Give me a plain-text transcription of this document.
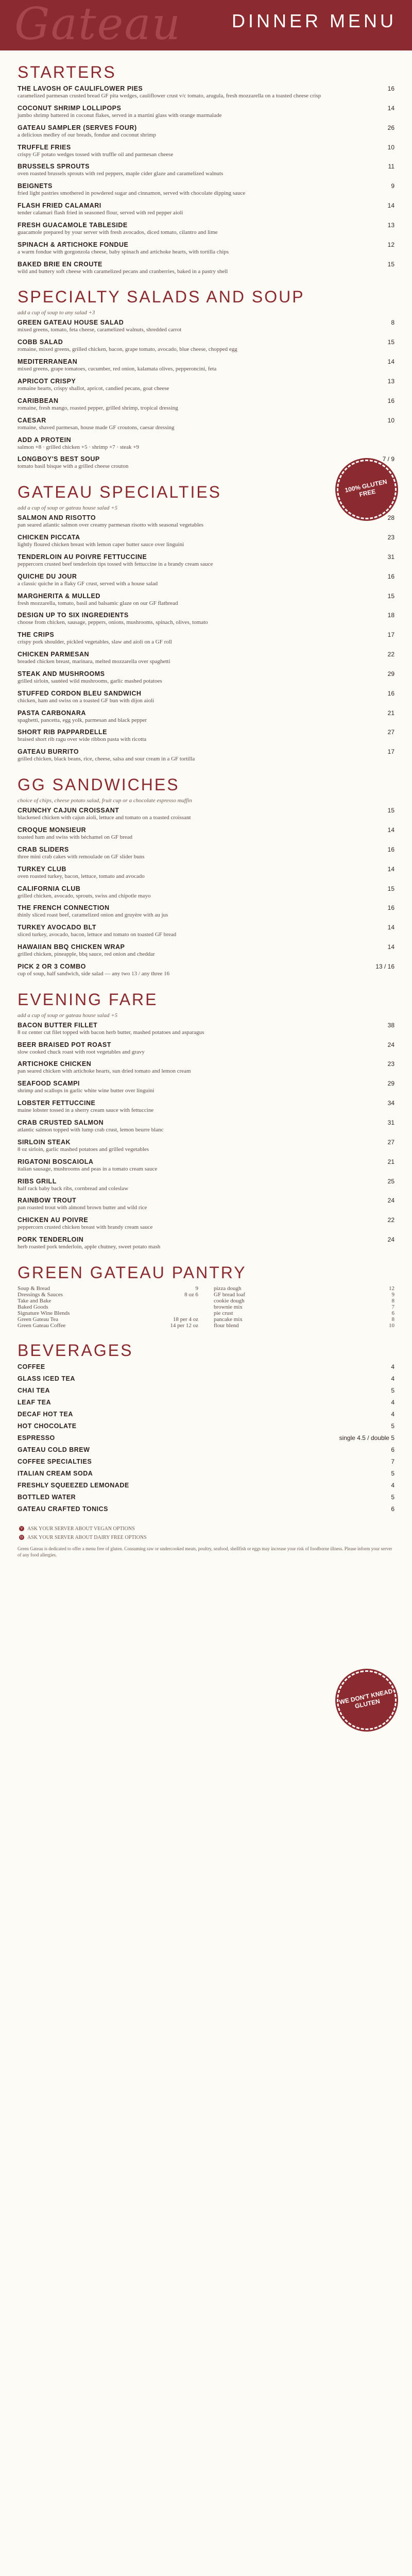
Gateau	DINNER MENU
100% GLUTEN FREE
WE DON'T KNEAD GLUTEN
STARTERS
THE LAVOSH OF CAULIFLOWER PIES
caramelized parmesan crusted bread GF pita wedges, cauliflower crust v/c tomato, arugula, fresh mozzarella on a toasted cheese crisp
16
COCONUT SHRIMP LOLLIPOPS
jumbo shrimp battered in coconut flakes, served in a martini glass with orange marmalade
14
GATEAU SAMPLER (SERVES FOUR)
a delicious medley of our breads, fondue and coconut shrimp
26
TRUFFLE FRIES
crispy GF potato wedges tossed with truffle oil and parmesan cheese
10
BRUSSELS SPROUTS
oven roasted brussels sprouts with red peppers, maple cider glaze and caramelized walnuts
11
BEIGNETS
fried light pastries smothered in powdered sugar and cinnamon, served with chocolate dipping sauce
9
FLASH FRIED CALAMARI
tender calamari flash fried in seasoned flour, served with red pepper aioli
14
FRESH GUACAMOLE TABLESIDE
guacamole prepared by your server with fresh avocados, diced tomato, cilantro and lime
13
SPINACH & ARTICHOKE FONDUE
a warm fondue with gorgonzola cheese, baby spinach and artichoke hearts, with tortilla chips
12
BAKED BRIE EN CROUTE
wild and buttery soft cheese with caramelized pecans and cranberries, baked in a pastry shell
15
SPECIALTY SALADS AND SOUP
add a cup of soup to any salad +3
GREEN GATEAU HOUSE SALAD
mixed greens, tomato, feta cheese, caramelized walnuts, shredded carrot
8
COBB SALAD
romaine, mixed greens, grilled chicken, bacon, grape tomato, avocado, blue cheese, chopped egg
15
MEDITERRANEAN
mixed greens, grape tomatoes, cucumber, red onion, kalamata olives, pepperoncini, feta
14
APRICOT CRISPY
romaine hearts, crispy shallot, apricot, candied pecans, goat cheese
13
CARIBBEAN
romaine, fresh mango, roasted pepper, grilled shrimp, tropical dressing
16
CAESAR
romaine, shaved parmesan, house made GF croutons, caesar dressing
10
ADD A PROTEIN
salmon +8 · grilled chicken +5 · shrimp +7 · steak +9
LONGBOY'S BEST SOUP
tomato basil bisque with a grilled cheese crouton
7 / 9
GATEAU SPECIALTIES
add a cup of soup or gateau house salad +5
SALMON AND RISOTTO
pan seared atlantic salmon over creamy parmesan risotto with seasonal vegetables
28
CHICKEN PICCATA
lightly floured chicken breast with lemon caper butter sauce over linguini
23
TENDERLOIN AU POIVRE FETTUCCINE
peppercorn crusted beef tenderloin tips tossed with fettuccine in a brandy cream sauce
31
QUICHE DU JOUR
a classic quiche in a flaky GF crust, served with a house salad
16
MARGHERITA & MULLED
fresh mozzarella, tomato, basil and balsamic glaze on our GF flatbread
15
DESIGN UP TO SIX INGREDIENTS
choose from chicken, sausage, peppers, onions, mushrooms, spinach, olives, tomato
18
THE CRIPS
crispy pork shoulder, pickled vegetables, slaw and aioli on a GF roll
17
CHICKEN PARMESAN
breaded chicken breast, marinara, melted mozzarella over spaghetti
22
STEAK AND MUSHROOMS
grilled sirloin, sautéed wild mushrooms, garlic mashed potatoes
29
STUFFED CORDON BLEU SANDWICH
chicken, ham and swiss on a toasted GF bun with dijon aioli
16
PASTA CARBONARA
spaghetti, pancetta, egg yolk, parmesan and black pepper
21
SHORT RIB PAPPARDELLE
braised short rib ragu over wide ribbon pasta with ricotta
27
GATEAU BURRITO
grilled chicken, black beans, rice, cheese, salsa and sour cream in a GF tortilla
17
GG SANDWICHES
choice of chips, cheese potato salad, fruit cup or a chocolate espresso muffin
CRUNCHY CAJUN CROISSANT
blackened chicken with cajun aioli, lettuce and tomato on a toasted croissant
15
CROQUE MONSIEUR
toasted ham and swiss with béchamel on GF bread
14
CRAB SLIDERS
three mini crab cakes with remoulade on GF slider buns
16
TURKEY CLUB
oven roasted turkey, bacon, lettuce, tomato and avocado
14
CALIFORNIA CLUB
grilled chicken, avocado, sprouts, swiss and chipotle mayo
15
THE FRENCH CONNECTION
thinly sliced roast beef, caramelized onion and gruyère with au jus
16
TURKEY AVOCADO BLT
sliced turkey, avocado, bacon, lettuce and tomato on toasted GF bread
14
HAWAIIAN BBQ CHICKEN WRAP
grilled chicken, pineapple, bbq sauce, red onion and cheddar
14
PICK 2 OR 3 COMBO
cup of soup, half sandwich, side salad — any two 13 / any three 16
13 / 16
EVENING FARE
add a cup of soup or gateau house salad +5
BACON BUTTER FILLET
8 oz center cut filet topped with bacon herb butter, mashed potatoes and asparagus
38
BEER BRAISED POT ROAST
slow cooked chuck roast with root vegetables and gravy
24
ARTICHOKE CHICKEN
pan seared chicken with artichoke hearts, sun dried tomato and lemon cream
23
SEAFOOD SCAMPI
shrimp and scallops in garlic white wine butter over linguini
29
LOBSTER FETTUCCINE
maine lobster tossed in a sherry cream sauce with fettuccine
34
CRAB CRUSTED SALMON
atlantic salmon topped with lump crab crust, lemon beurre blanc
31
SIRLOIN STEAK
8 oz sirloin, garlic mashed potatoes and grilled vegetables
27
RIGATONI BOSCAIOLA
italian sausage, mushrooms and peas in a tomato cream sauce
21
RIBS GRILL
half rack baby back ribs, cornbread and coleslaw
25
RAINBOW TROUT
pan roasted trout with almond brown butter and wild rice
24
CHICKEN AU POIVRE
peppercorn crusted chicken breast with brandy cream sauce
22
PORK TENDERLOIN
herb roasted pork tenderloin, apple chutney, sweet potato mash
24
GREEN GATEAU PANTRY
Soup & Bread	9
Dressings & Sauces	8 oz 6
Take and Bake
Baked Goods
Signature Wine Blends
Green Gateau Tea	18 per 4 oz
Green Gateau Coffee	14 per 12 oz
pizza dough	12
GF bread loaf	9
cookie dough	8
brownie mix	7
pie crust	6
pancake mix	8
flour blend	10
BEVERAGES
COFFEE	4
GLASS ICED TEA	4
CHAI TEA	5
LEAF TEA	4
DECAF HOT TEA	4
HOT CHOCOLATE	5
ESPRESSO	single 4.5 / double 5
GATEAU COLD BREW	6
COFFEE SPECIALTIES	7
ITALIAN CREAM SODA	5
FRESHLY SQUEEZED LEMONADE	4
BOTTLED WATER	5
GATEAU CRAFTED TONICS	6
V ASK YOUR SERVER ABOUT VEGAN OPTIONS
D ASK YOUR SERVER ABOUT DAIRY FREE OPTIONS
Green Gateau is dedicated to offer a menu free of gluten. Consuming raw or undercooked meats, poultry, seafood, shellfish or eggs may increase your risk of foodborne illness. Please inform your server of any food allergies.
